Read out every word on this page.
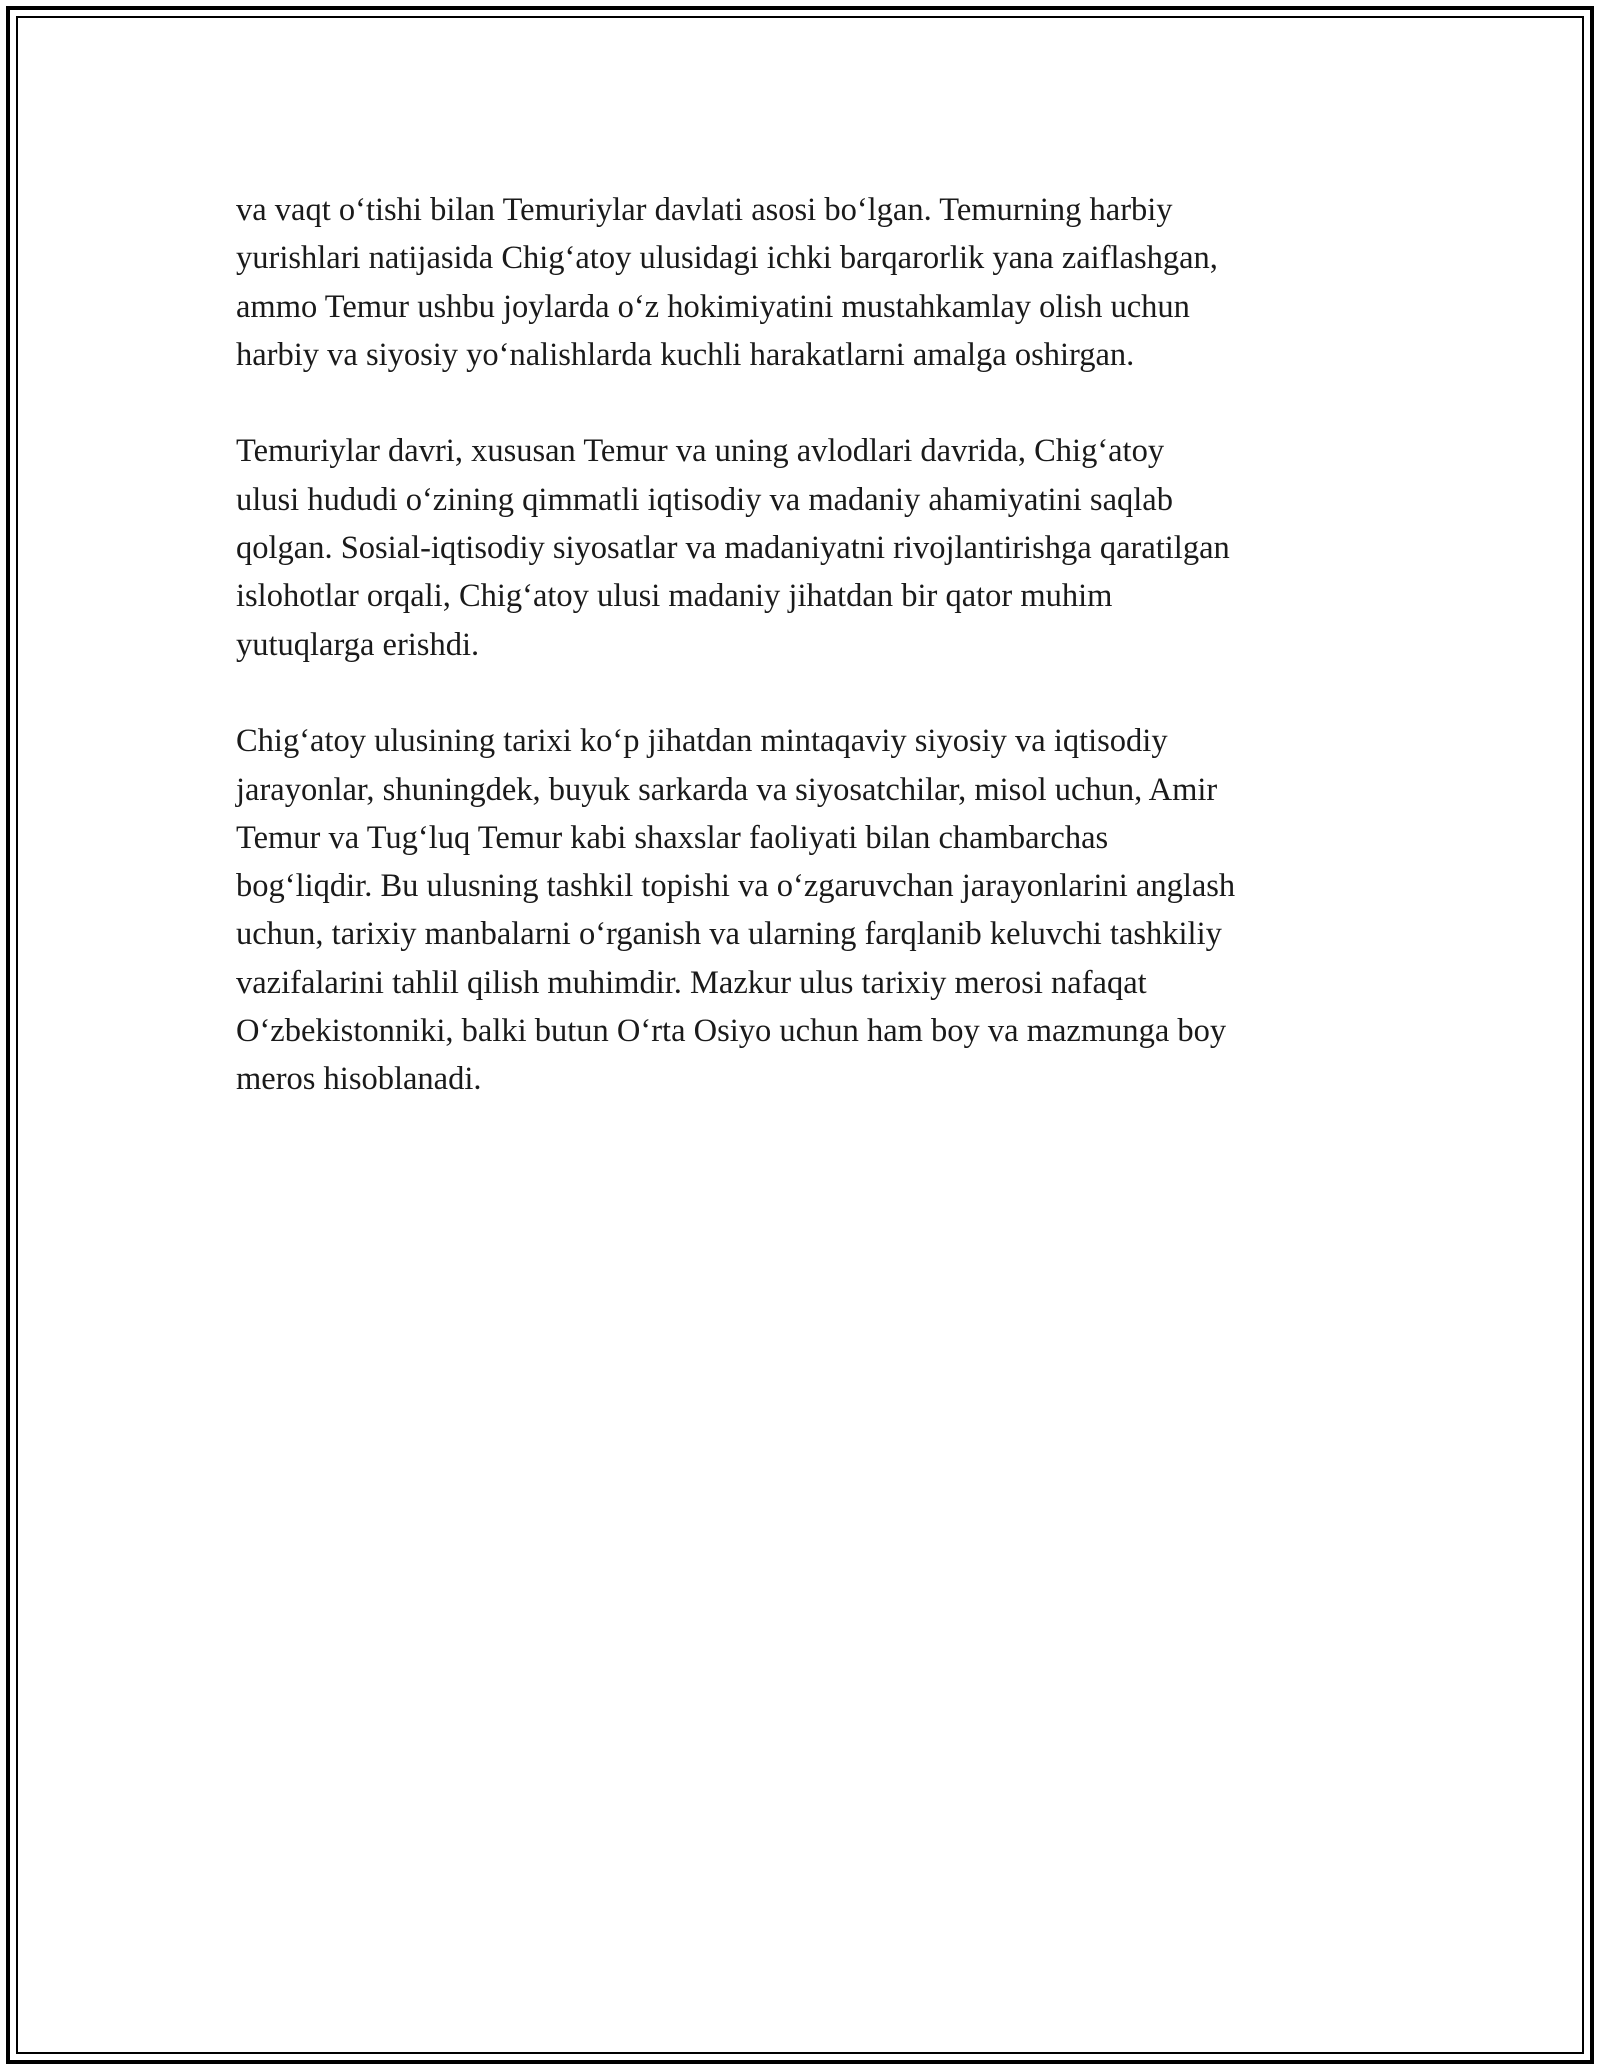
va vaqt o‘tishi bilan Temuriylar davlati asosi bo‘lgan. Temurning harbiy
yurishlari natijasida Chig‘atoy ulusidagi ichki barqarorlik yana zaiflashgan,
ammo Temur ushbu joylarda o‘z hokimiyatini mustahkamlay olish uchun
harbiy va siyosiy yo‘nalishlarda kuchli harakatlarni amalga oshirgan.
Temuriylar davri, xususan Temur va uning avlodlari davrida, Chig‘atoy
ulusi hududi o‘zining qimmatli iqtisodiy va madaniy ahamiyatini saqlab
qolgan. Sosial-iqtisodiy siyosatlar va madaniyatni rivojlantirishga qaratilgan
islohotlar orqali, Chig‘atoy ulusi madaniy jihatdan bir qator muhim
yutuqlarga erishdi.
Chig‘atoy ulusining tarixi ko‘p jihatdan mintaqaviy siyosiy va iqtisodiy
jarayonlar, shuningdek, buyuk sarkarda va siyosatchilar, misol uchun, Amir
Temur va Tug‘luq Temur kabi shaxslar faoliyati bilan chambarchas
bog‘liqdir. Bu ulusning tashkil topishi va o‘zgaruvchan jarayonlarini anglash
uchun, tarixiy manbalarni o‘rganish va ularning farqlanib keluvchi tashkiliy
vazifalarini tahlil qilish muhimdir. Mazkur ulus tarixiy merosi nafaqat
O‘zbekistonniki, balki butun O‘rta Osiyo uchun ham boy va mazmunga boy
meros hisoblanadi.
